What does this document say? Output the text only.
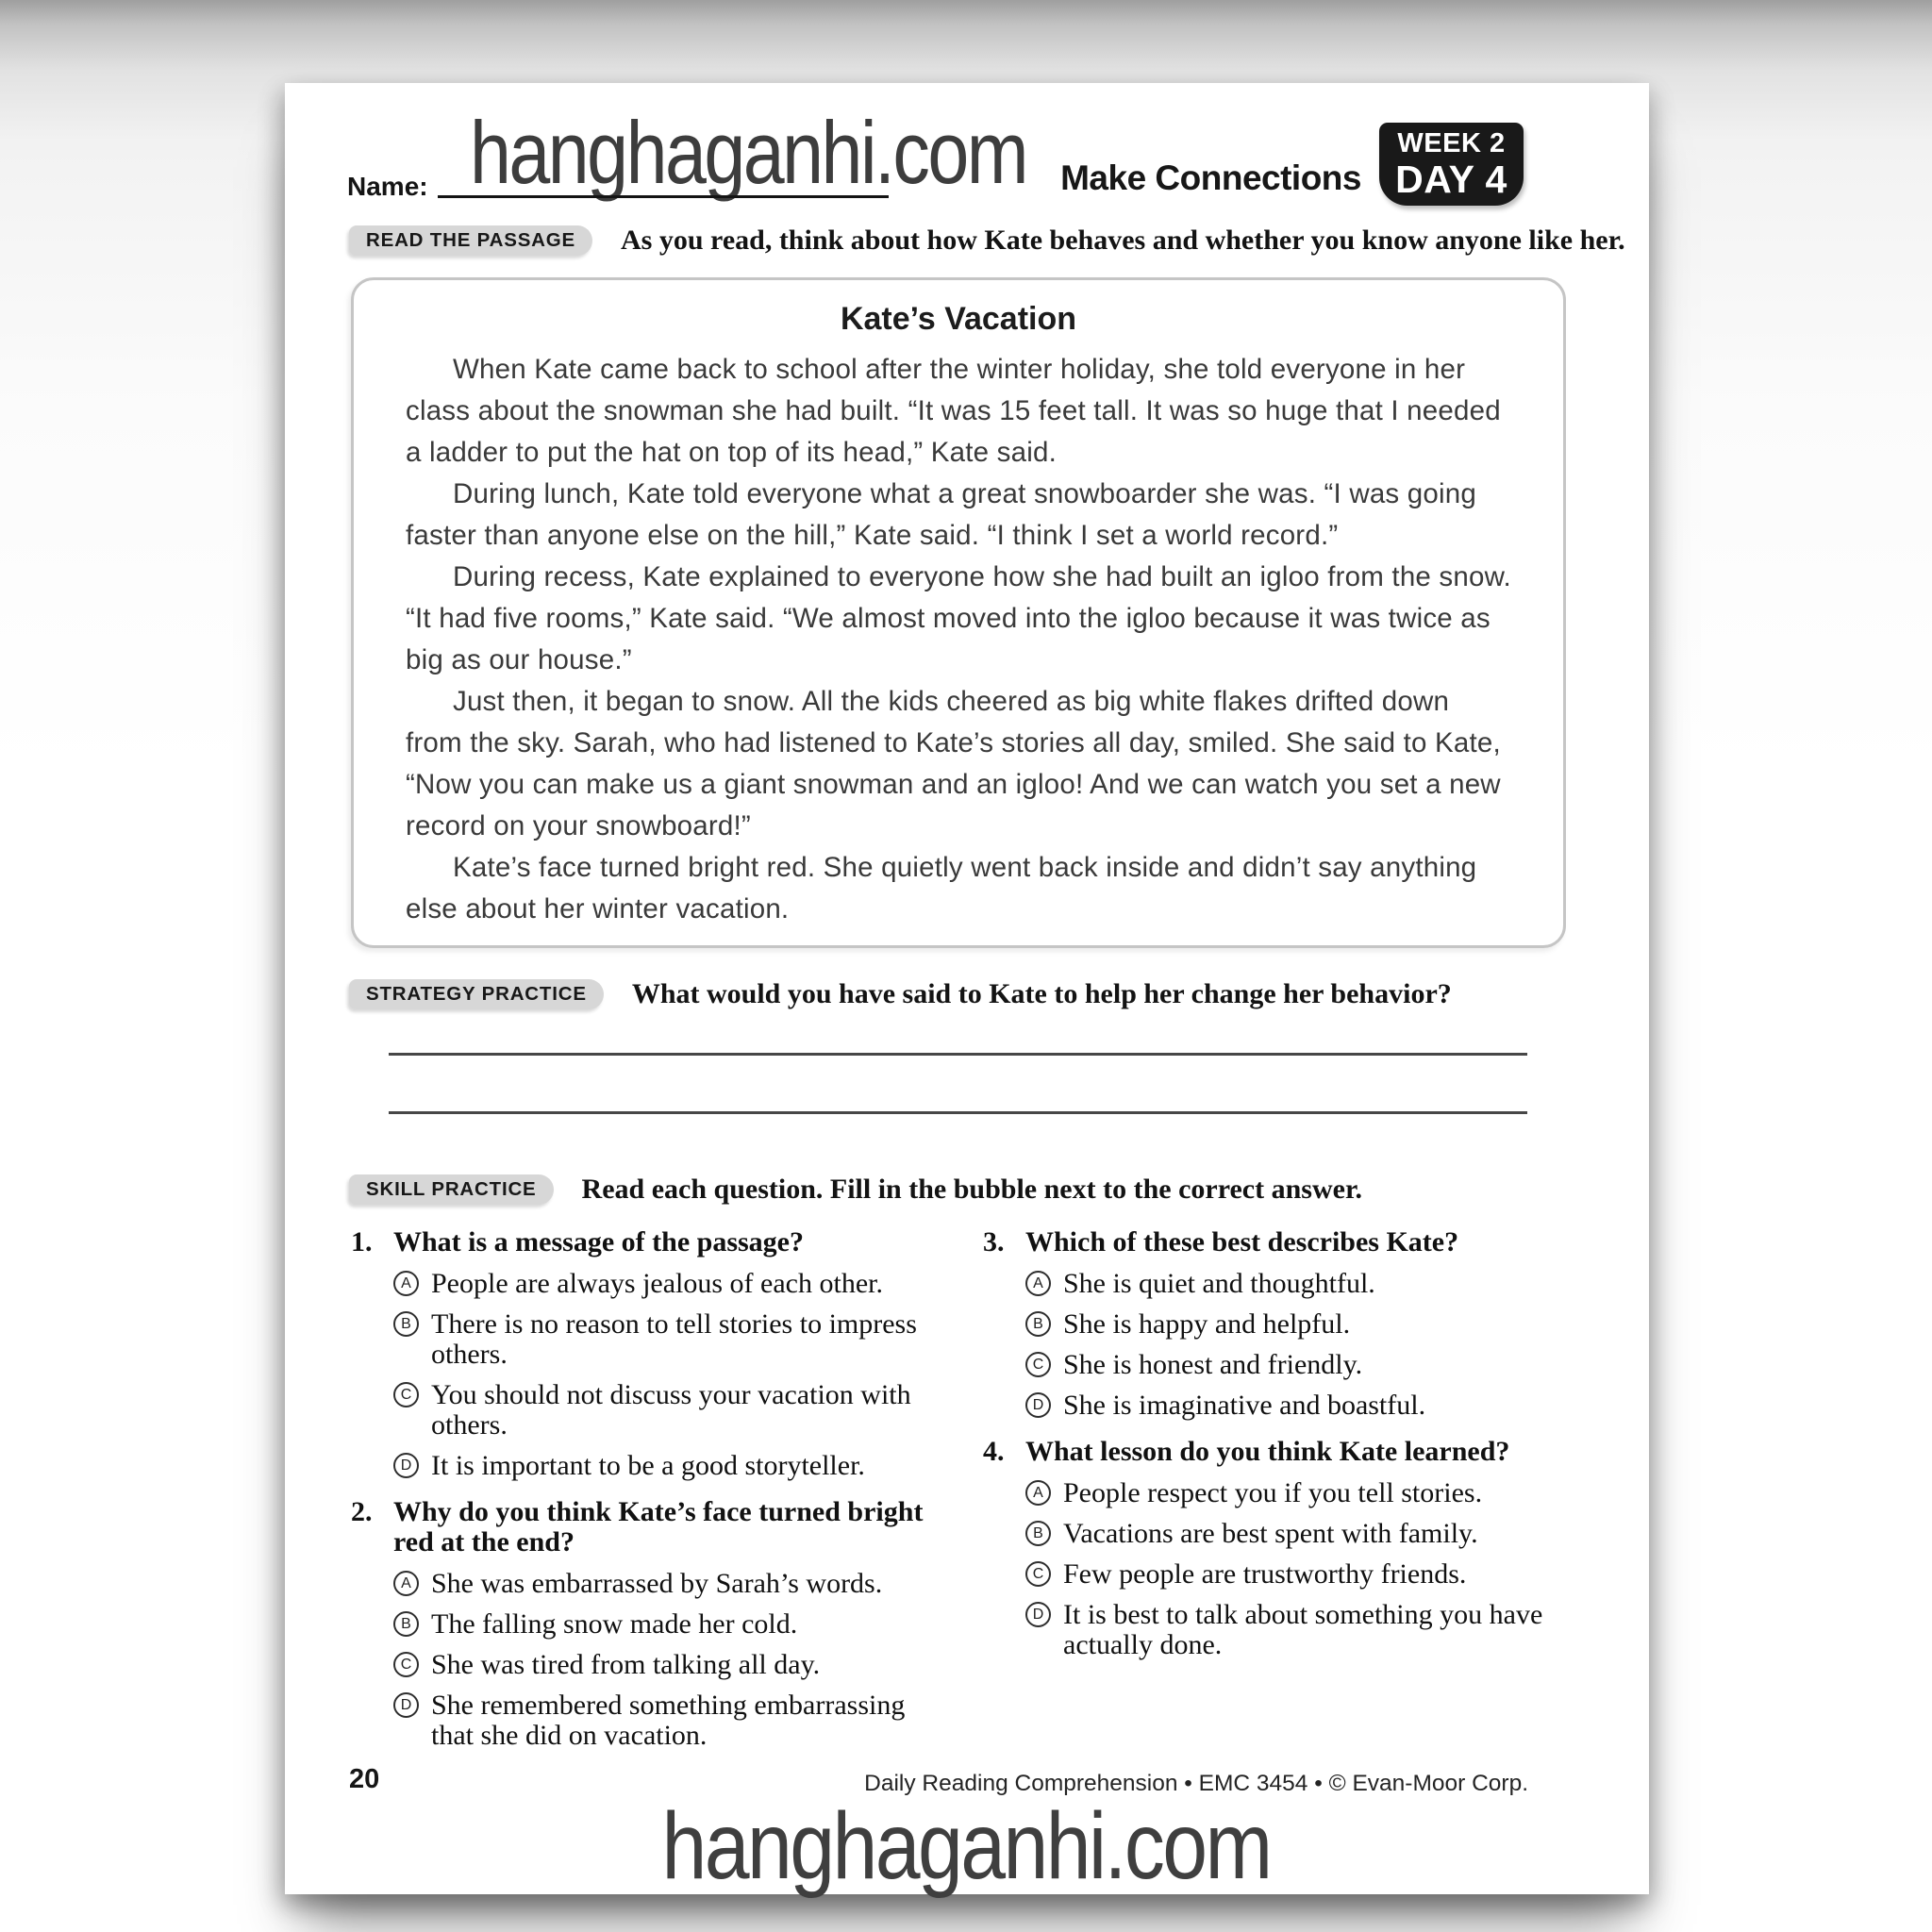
hanghaganhi.com
Name:	Make Connections
WEEK 2
DAY 4
READ THE PASSAGE	As you read, think about how Kate behaves and whether you know anyone like her.
Kate’s Vacation

When Kate came back to school after the winter holiday, she told everyone in her class about the snowman she had built. “It was 15 feet tall. It was so huge that I needed a ladder to put the hat on top of its head,” Kate said.

During lunch, Kate told everyone what a great snowboarder she was. “I was going faster than anyone else on the hill,” Kate said. “I think I set a world record.”

During recess, Kate explained to everyone how she had built an igloo from the snow. “It had five rooms,” Kate said. “We almost moved into the igloo because it was twice as big as our house.”

Just then, it began to snow. All the kids cheered as big white flakes drifted down from the sky. Sarah, who had listened to Kate’s stories all day, smiled. She said to Kate, “Now you can make us a giant snowman and an igloo! And we can watch you set a new record on your snowboard!”

Kate’s face turned bright red. She quietly went back inside and didn’t say anything else about her winter vacation.

STRATEGY PRACTICE	What would you have said to Kate to help her change her behavior?
SKILL PRACTICE	Read each question. Fill in the bubble next to the correct answer.
1. What is a message of the passage?
A People are always jealous of each other.
B There is no reason to tell stories to impress others.
C You should not discuss your vacation with others.
D It is important to be a good storyteller.
2. Why do you think Kate’s face turned bright red at the end?
A She was embarrassed by Sarah’s words.
B The falling snow made her cold.
C She was tired from talking all day.
D She remembered something embarrassing that she did on vacation.
3. Which of these best describes Kate?
A She is quiet and thoughtful.
B She is happy and helpful.
C She is honest and friendly.
D She is imaginative and boastful.
4. What lesson do you think Kate learned?
A People respect you if you tell stories.
B Vacations are best spent with family.
C Few people are trustworthy friends.
D It is best to talk about something you have actually done.
20	Daily Reading Comprehension • EMC 3454 • © Evan-Moor Corp.
hanghaganhi.com
